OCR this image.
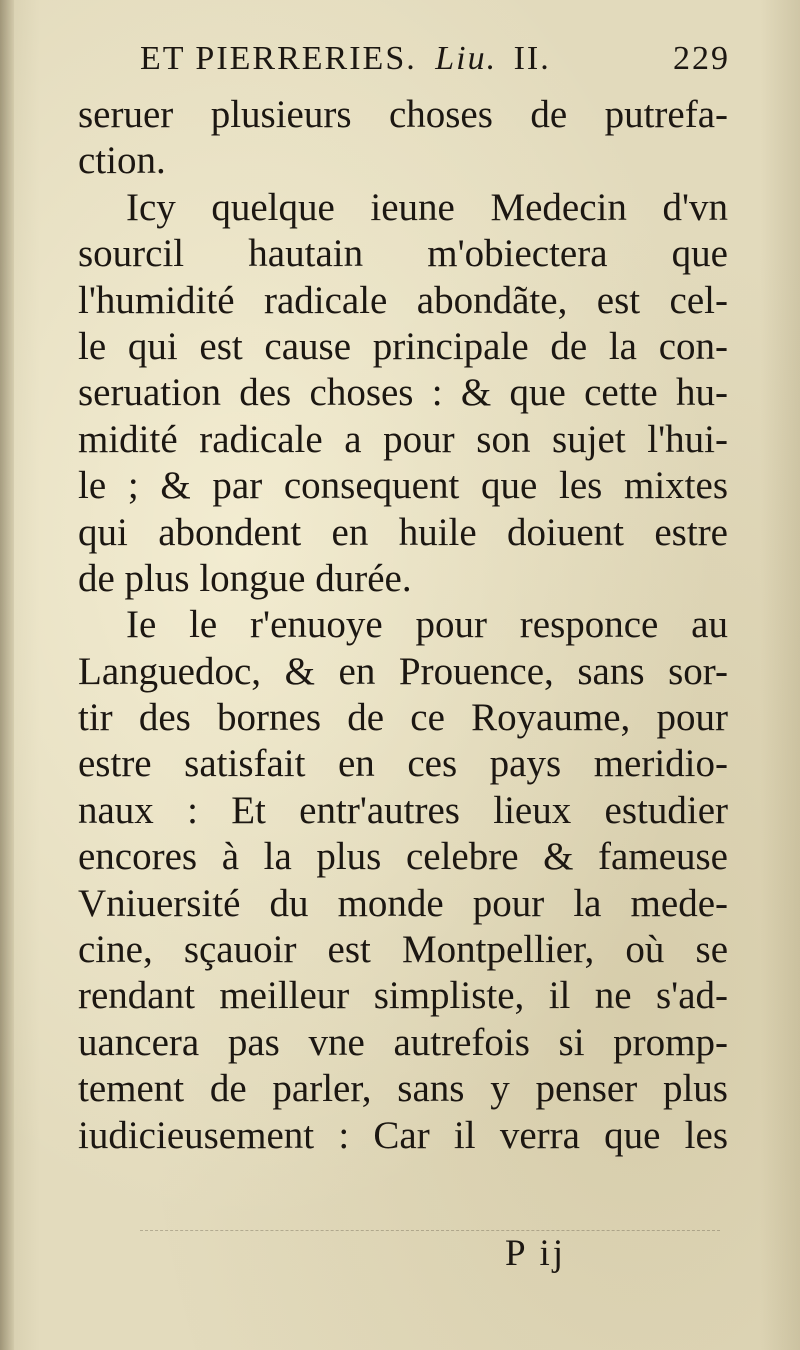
ET PIERRERIES. Liu. II.	229
seruer plusieurs choses de putrefa-
ction.
Icy quelque ieune Medecin d'vn
sourcil hautain m'obiectera que
l'humidité radicale abondãte, est cel-
le qui est cause principale de la con-
seruation des choses : & que cette hu-
midité radicale a pour son sujet l'hui-
le ; & par consequent que les mixtes
qui abondent en huile doiuent estre
de plus longue durée.
Ie le r'enuoye pour responce au
Languedoc, & en Prouence, sans sor-
tir des bornes de ce Royaume, pour
estre satisfait en ces pays meridio-
naux : Et entr'autres lieux estudier
encores à la plus celebre & fameuse
Vniuersité du monde pour la mede-
cine, sçauoir est Montpellier, où se
rendant meilleur simpliste, il ne s'ad-
uancera pas vne autrefois si promp-
tement de parler, sans y penser plus
iudicieusement : Car il verra que les
P ij
